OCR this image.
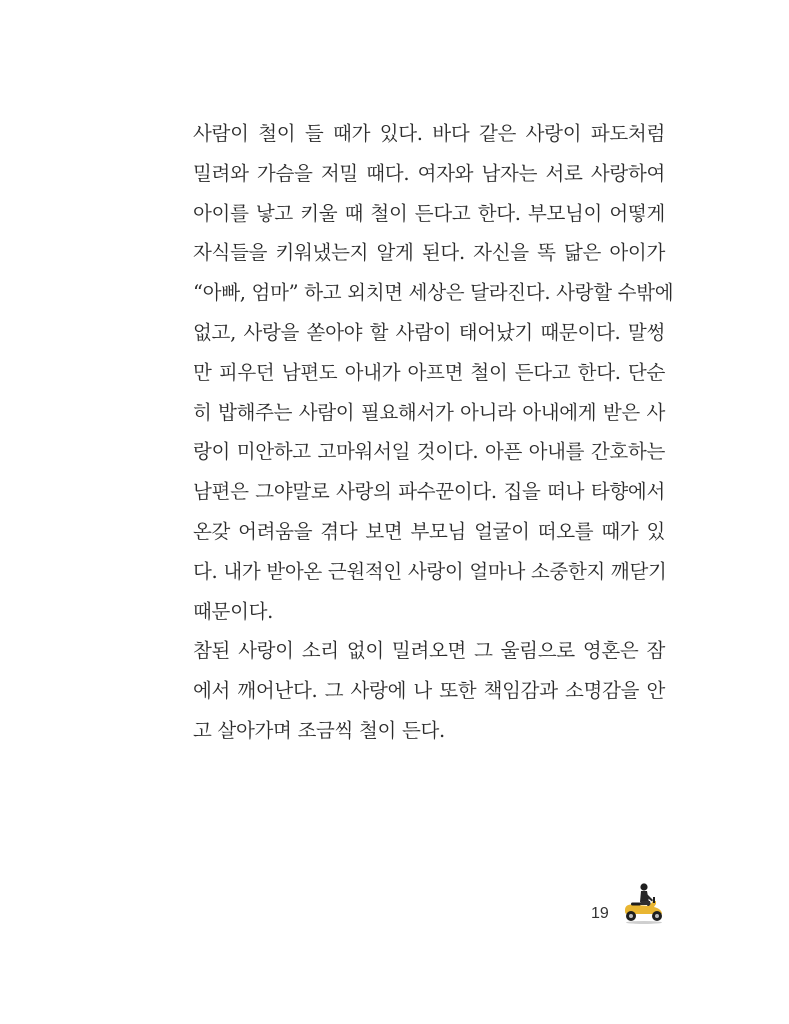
사람이 철이 들 때가 있다. 바다 같은 사랑이 파도처럼
밀려와 가슴을 저밀 때다. 여자와 남자는 서로 사랑하여
아이를 낳고 키울 때 철이 든다고 한다. 부모님이 어떻게
자식들을 키워냈는지 알게 된다. 자신을 똑 닮은 아이가
“아빠, 엄마” 하고 외치면 세상은 달라진다. 사랑할 수밖에
없고, 사랑을 쏟아야 할 사람이 태어났기 때문이다. 말썽
만 피우던 남편도 아내가 아프면 철이 든다고 한다. 단순
히 밥해주는 사람이 필요해서가 아니라 아내에게 받은 사
랑이 미안하고 고마워서일 것이다. 아픈 아내를 간호하는
남편은 그야말로 사랑의 파수꾼이다. 집을 떠나 타향에서
온갖 어려움을 겪다 보면 부모님 얼굴이 떠오를 때가 있
다. 내가 받아온 근원적인 사랑이 얼마나 소중한지 깨닫기
때문이다.
참된 사랑이 소리 없이 밀려오면 그 울림으로 영혼은 잠
에서 깨어난다. 그 사랑에 나 또한 책임감과 소명감을 안
고 살아가며 조금씩 철이 든다.
19
